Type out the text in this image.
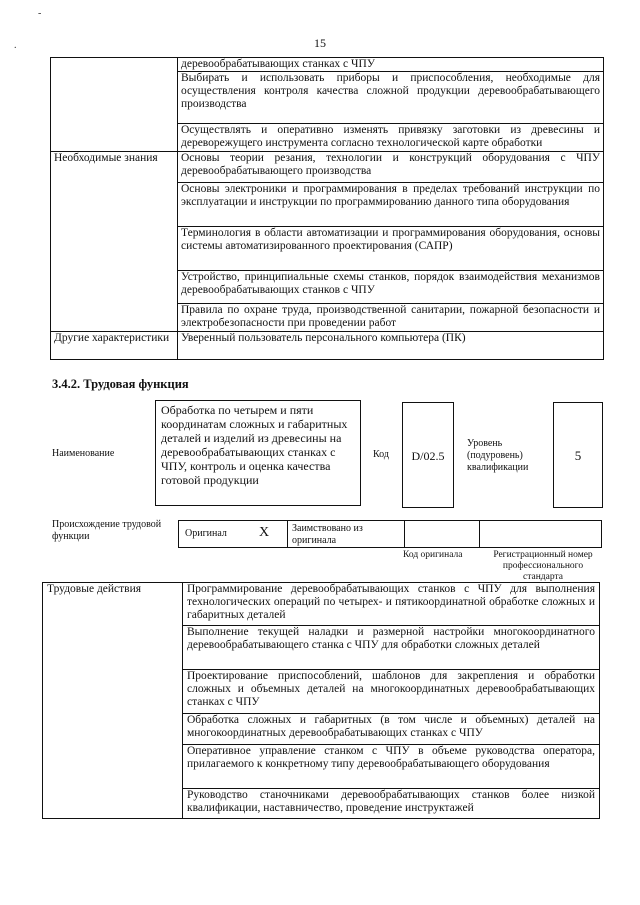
-
.	15
	деревообрабатывающих станках с ЧПУ
	Выбирать и использовать приборы и приспособления, необходимые для осуществления контроля качества сложной продукции деревообрабатывающего производства
	Осуществлять и оперативно изменять привязку заготовки из древесины и дереворежущего инструмента согласно технологической карте обработки
Необходимые знания	Основы теории резания, технологии и конструкций оборудования с ЧПУ деревообрабатывающего производства
	Основы электроники и программирования в пределах требований инструкции по эксплуатации и инструкции по программированию данного типа оборудования
	Терминология в области автоматизации и программирования оборудования, основы системы автоматизированного проектирования (САПР)
	Устройство, принципиальные схемы станков, порядок взаимодействия механизмов деревообрабатывающих станков с ЧПУ
	Правила по охране труда, производственной санитарии, пожарной безопасности и электробезопасности при проведении работ
Другие характеристики	Уверенный пользователь персонального компьютера (ПК)
3.4.2. Трудовая функция
Наименование
Обработка по четырем и пяти координатам сложных и габаритных деталей и изделий из древесины на деревообрабатывающих станках с ЧПУ, контроль и оценка качества готовой продукции
Код	D/02.5
Уровень (подуровень) квалификации
5
Происхождение трудовой функции	Оригинал X Заимствовано из оригинала
Код оригинала	Регистрационный номер профессионального стандарта
Трудовые действия	Программирование деревообрабатывающих станков с ЧПУ для выполнения технологических операций по четырех- и пятикоординатной обработке сложных и габаритных деталей
Выполнение текущей наладки и размерной настройки многокоординатного деревообрабатывающего станка с ЧПУ для обработки сложных деталей
Проектирование приспособлений, шаблонов для закрепления и обработки сложных и объемных деталей на многокоординатных деревообрабатывающих станках с ЧПУ
Обработка сложных и габаритных (в том числе и объемных) деталей на многокоординатных деревообрабатывающих станках с ЧПУ
Оперативное управление станком с ЧПУ в объеме руководства оператора, прилагаемого к конкретному типу деревообрабатывающего оборудования
Руководство станочниками деревообрабатывающих станков более низкой квалификации, наставничество, проведение инструктажей
